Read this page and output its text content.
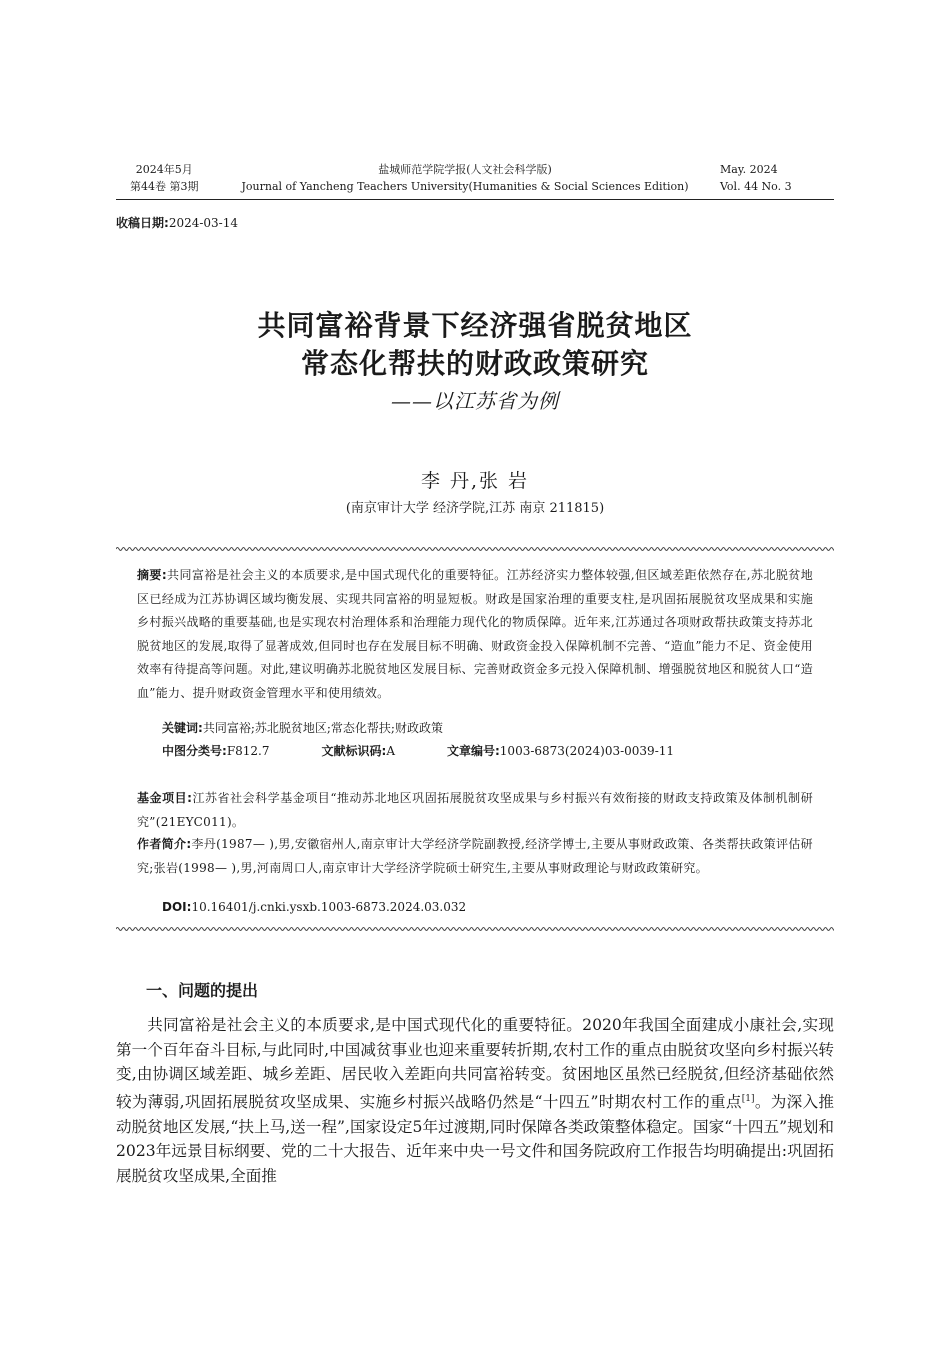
2024年5月
第44卷 第3期
盐城师范学院学报(人文社会科学版)
Journal of Yancheng Teachers University(Humanities & Social Sciences Edition)
May. 2024
Vol. 44 No. 3
收稿日期:2024-03-14
共同富裕背景下经济强省脱贫地区
常态化帮扶的财政政策研究
——以江苏省为例
李 丹,张 岩
(南京审计大学 经济学院,江苏 南京 211815)
摘要:共同富裕是社会主义的本质要求,是中国式现代化的重要特征。江苏经济实力整体较强,但区域差距依然存在,苏北脱贫地区已经成为江苏协调区域均衡发展、实现共同富裕的明显短板。财政是国家治理的重要支柱,是巩固拓展脱贫攻坚成果和实施乡村振兴战略的重要基础,也是实现农村治理体系和治理能力现代化的物质保障。近年来,江苏通过各项财政帮扶政策支持苏北脱贫地区的发展,取得了显著成效,但同时也存在发展目标不明确、财政资金投入保障机制不完善、“造血”能力不足、资金使用效率有待提高等问题。对此,建议明确苏北脱贫地区发展目标、完善财政资金多元投入保障机制、增强脱贫地区和脱贫人口“造血”能力、提升财政资金管理水平和使用绩效。
关键词:共同富裕;苏北脱贫地区;常态化帮扶;财政政策
中图分类号:F812.7	文献标识码:A	文章编号:1003-6873(2024)03-0039-11
基金项目:江苏省社会科学基金项目“推动苏北地区巩固拓展脱贫攻坚成果与乡村振兴有效衔接的财政支持政策及体制机制研究”(21EYC011)。
作者简介:李丹(1987— ),男,安徽宿州人,南京审计大学经济学院副教授,经济学博士,主要从事财政政策、各类帮扶政策评估研究;张岩(1998— ),男,河南周口人,南京审计大学经济学院硕士研究生,主要从事财政理论与财政政策研究。
DOI:10.16401/j.cnki.ysxb.1003-6873.2024.03.032
一、问题的提出
共同富裕是社会主义的本质要求,是中国式现代化的重要特征。2020年我国全面建成小康社会,实现第一个百年奋斗目标,与此同时,中国减贫事业也迎来重要转折期,农村工作的重点由脱贫攻坚向乡村振兴转变,由协调区域差距、城乡差距、居民收入差距向共同富裕转变。贫困地区虽然已经脱贫,但经济基础依然较为薄弱,巩固拓展脱贫攻坚成果、实施乡村振兴战略仍然是“十四五”时期农村工作的重点[1]。为深入推动脱贫地区发展,“扶上马,送一程”,国家设定5年过渡期,同时保障各类政策整体稳定。国家“十四五”规划和2023年远景目标纲要、党的二十大报告、近年来中央一号文件和国务院政府工作报告均明确提出:巩固拓展脱贫攻坚成果,全面推
